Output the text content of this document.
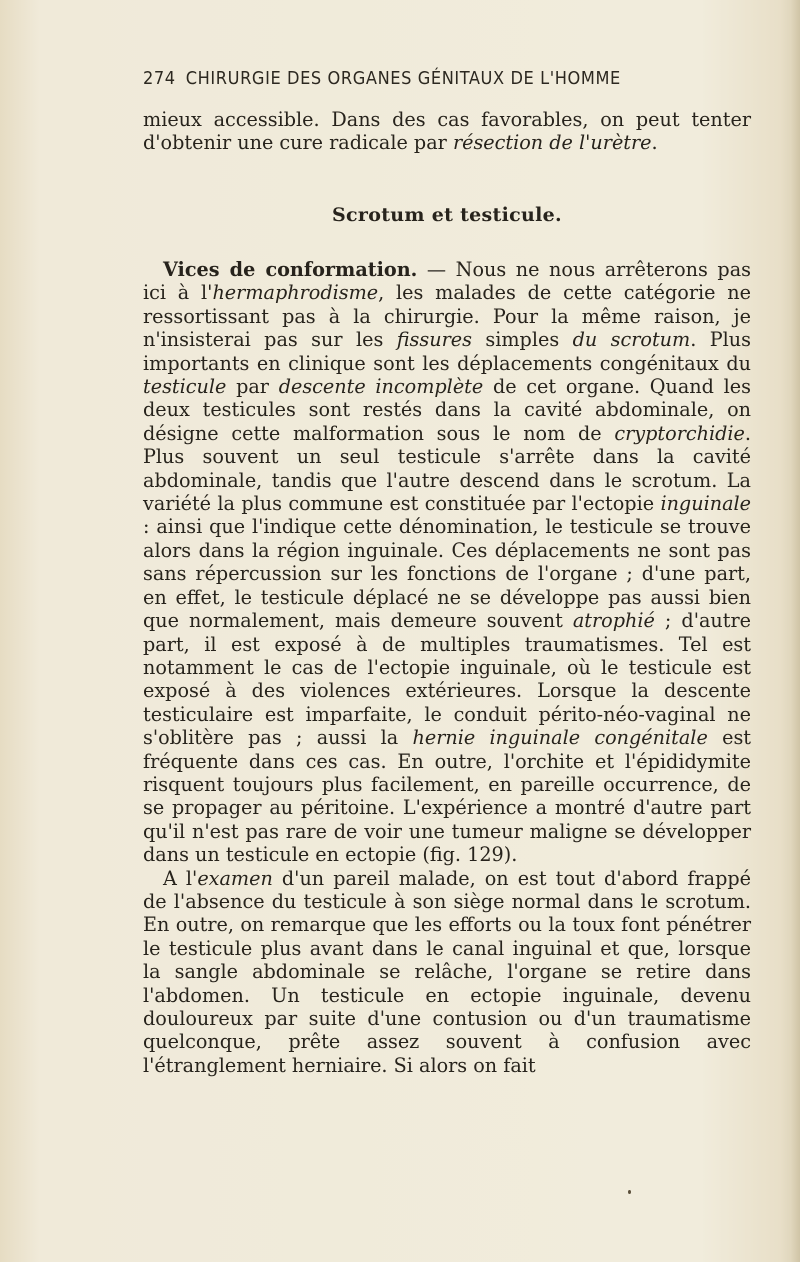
274 CHIRURGIE DES ORGANES GÉNITAUX DE L'HOMME

mieux accessible. Dans des cas favorables, on peut tenter d'obtenir une cure radicale par résection de l'urètre.

Scrotum et testicule.

Vices de conformation. — Nous ne nous arrêterons pas ici à l'hermaphrodisme, les malades de cette catégorie ne ressortissant pas à la chirurgie. Pour la même raison, je n'insisterai pas sur les fissures simples du scrotum. Plus importants en clinique sont les déplacements congénitaux du testicule par descente incomplète de cet organe. Quand les deux testicules sont restés dans la cavité abdominale, on désigne cette malformation sous le nom de cryptorchidie. Plus souvent un seul testicule s'arrête dans la cavité abdominale, tandis que l'autre descend dans le scrotum. La variété la plus commune est constituée par l'ectopie inguinale : ainsi que l'indique cette dénomination, le testicule se trouve alors dans la région inguinale. Ces déplacements ne sont pas sans répercussion sur les fonctions de l'organe ; d'une part, en effet, le testicule déplacé ne se développe pas aussi bien que normalement, mais demeure souvent atrophié ; d'autre part, il est exposé à de multiples traumatismes. Tel est notamment le cas de l'ectopie inguinale, où le testicule est exposé à des violences extérieures. Lorsque la descente testiculaire est imparfaite, le conduit périto-néo-vaginal ne s'oblitère pas ; aussi la hernie inguinale congénitale est fréquente dans ces cas. En outre, l'orchite et l'épididymite risquent toujours plus facilement, en pareille occurrence, de se propager au péritoine. L'expérience a montré d'autre part qu'il n'est pas rare de voir une tumeur maligne se développer dans un testicule en ectopie (fig. 129).

A l'examen d'un pareil malade, on est tout d'abord frappé de l'absence du testicule à son siège normal dans le scrotum. En outre, on remarque que les efforts ou la toux font pénétrer le testicule plus avant dans le canal inguinal et que, lorsque la sangle abdominale se relâche, l'organe se retire dans l'abdomen. Un testicule en ectopie inguinale, devenu douloureux par suite d'une contusion ou d'un traumatisme quelconque, prête assez souvent à confusion avec l'étranglement herniaire. Si alors on fait
